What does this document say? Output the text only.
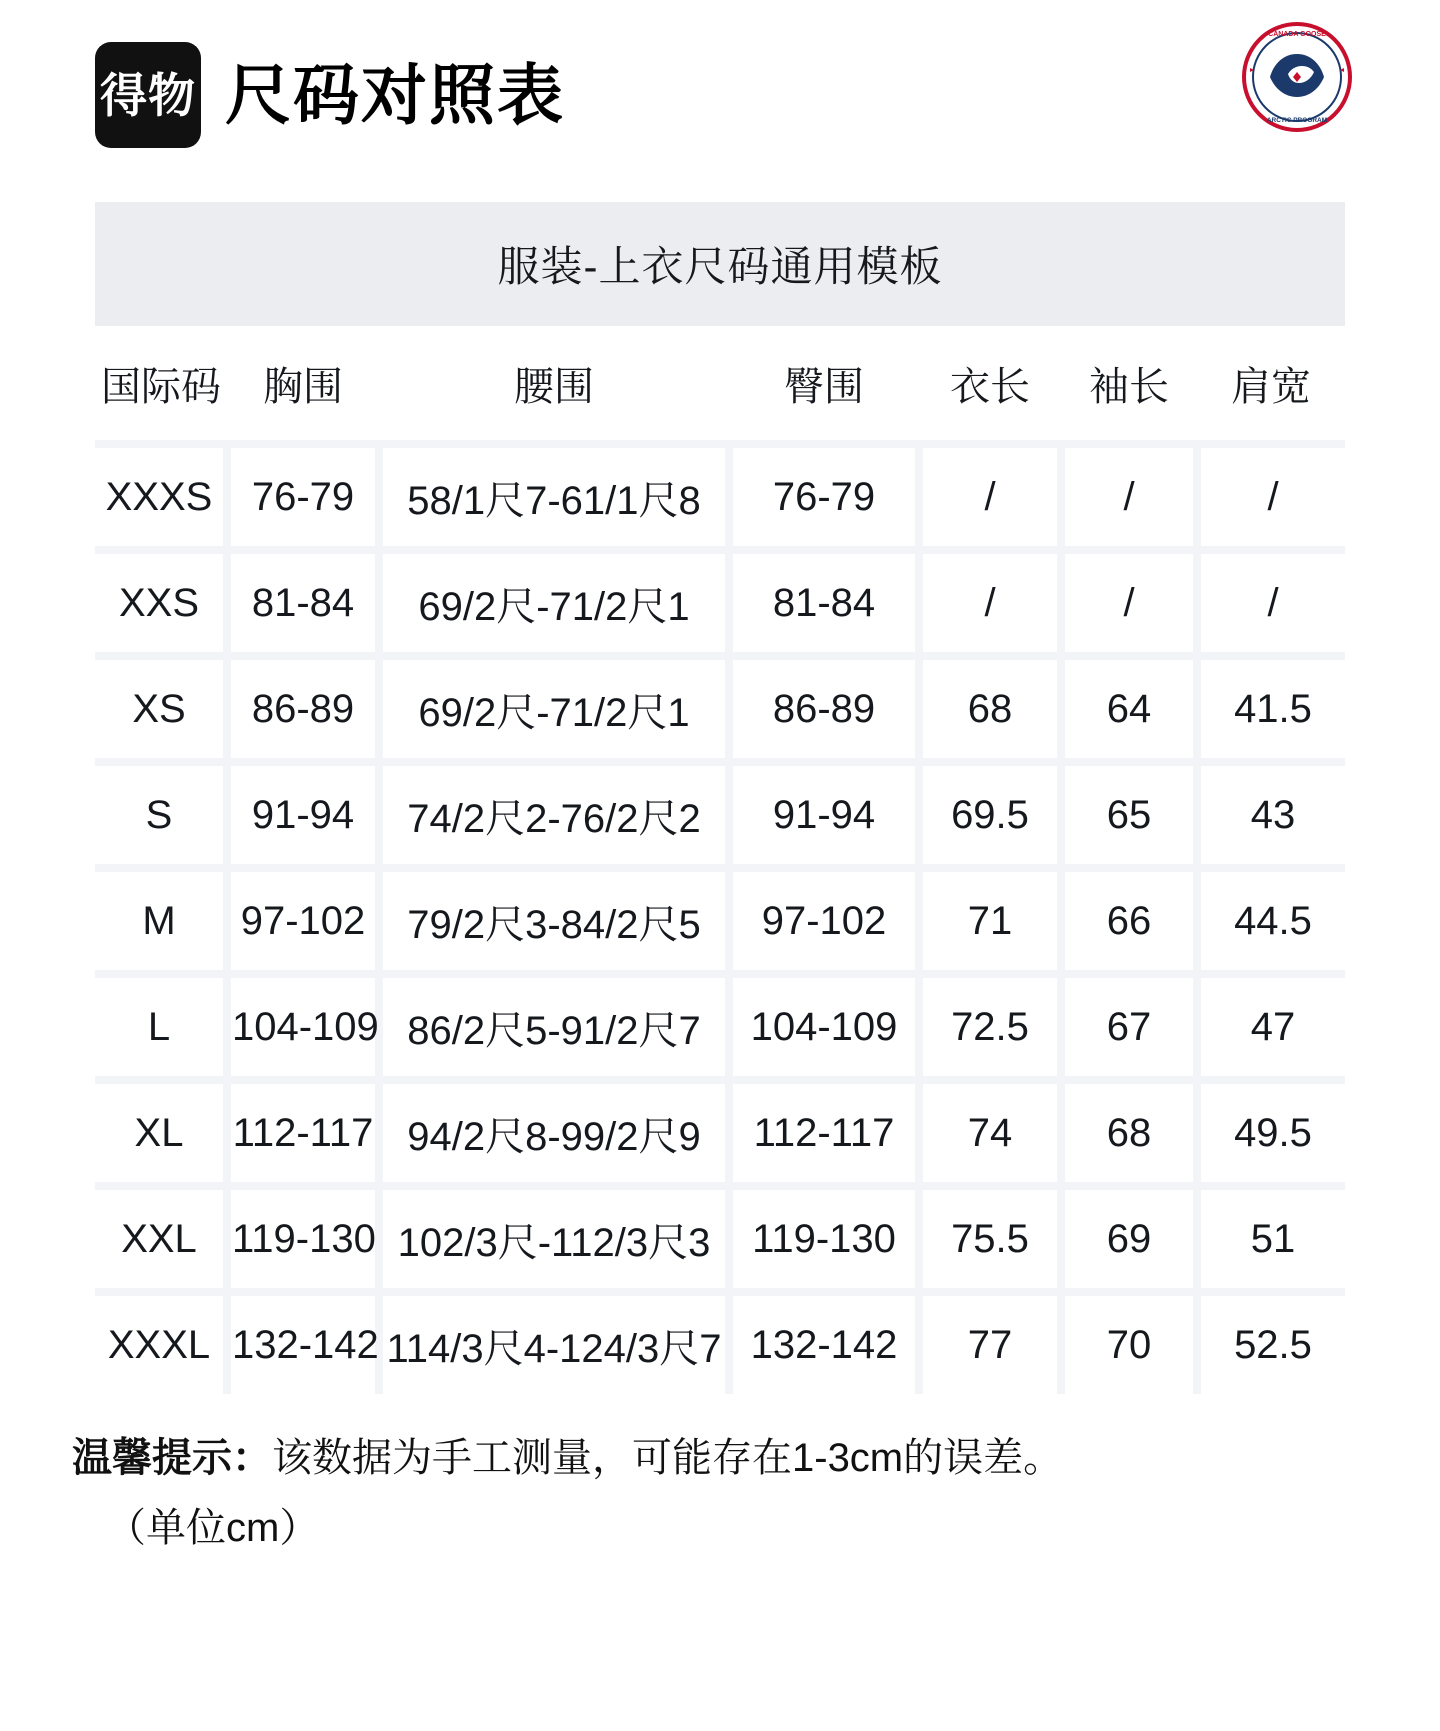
得物 尺码对照表
CANADA GOOSE
ARCTIC PROGRAM
服装-上衣尺码通用模板
国际码	胸围	腰围	臀围	衣长	袖长	肩宽
XXXS	76-79	58/1尺7-61/1尺8	76-79	/	/	/
XXS	81-84	69/2尺-71/2尺1	81-84	/	/	/
XS	86-89	69/2尺-71/2尺1	86-89	68	64	41.5
S	91-94	74/2尺2-76/2尺2	91-94	69.5	65	43
M	97-102	79/2尺3-84/2尺5	97-102	71	66	44.5
L	104-109	86/2尺5-91/2尺7	104-109	72.5	67	47
XL	112-117	94/2尺8-99/2尺9	112-117	74	68	49.5
XXL	119-130	102/3尺-112/3尺3	119-130	75.5	69	51
XXXL	132-142	114/3尺4-124/3尺7	132-142	77	70	52.5
温馨提示：该数据为手工测量，可能存在1-3cm的误差。
（单位cm）
